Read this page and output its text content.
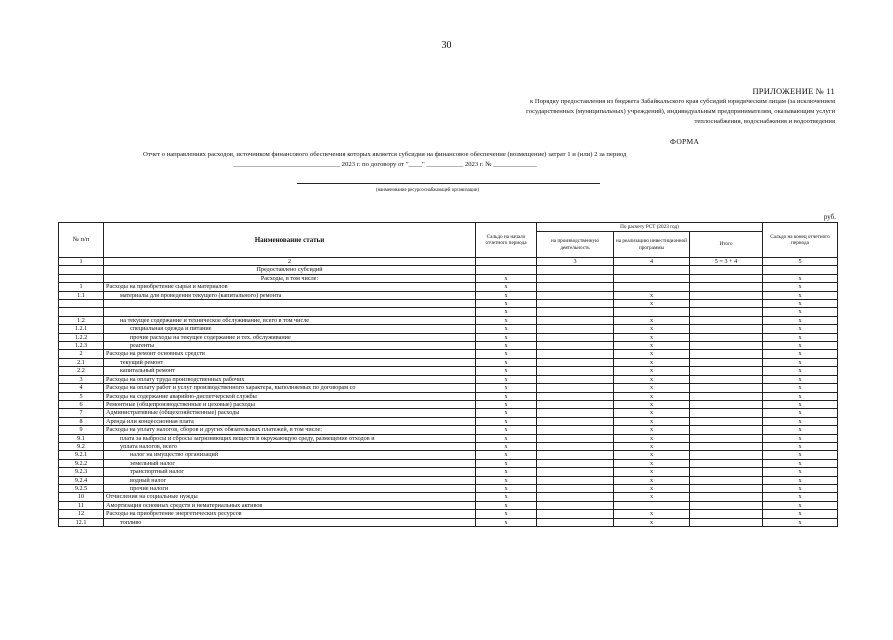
30
ПРИЛОЖЕНИЕ № 11
к Порядку предоставления из бюджета Забайкальского края субсидий юридическим лицам (за исключением
государственных (муниципальных) учреждений), индивидуальным предпринимателям, оказывающим услуги
теплоснабжения, водоснабжения и водоотведения
ФОРМА
Отчет о направлениях расходов, источником финансового обеспечения которых является субсидия на финансовое обеспечение (возмещение) затрат 1 и (или) 2 за период
________________________________ 2023 г. по договору от "____" ___________ 2023 г. № _____________
(наименование ресурсоснабжающей организации)
руб.
№ п/п	Наименование статьи	Сальдо на начало отчетного периода	По расчету РСТ (2023 год)			Сальдо на конец отчетного периода
			на производственную деятельность	на реализацию инвестиционной программы	Итого	
1	2		3	4	5 = 3 + 4	5
	Предоставлено субсидий					
	Расходы, в том числе:	x				x
1	Расходы на приобретение сырья и материалов	x				x
1.1	материалы для проведения текущего (капитального) ремонта	x		x		x
		x		x		x
		x				x
1.2	на текущее содержание и техническое обслуживание, всего в том числе	x		x		x
1.2.1	специальная одежда и питание	x		x		x
1.2.2	прочие расходы на текущее содержание и тех. обслуживание	x		x		x
1.2.3	реагенты	x		x		x
2	Расходы на ремонт основных средств	x		x		x
2.1	текущий ремонт	x		x		x
2.2	капитальный ремонт	x		x		x
3	Расходы на оплату труда производственных рабочих	x		x		x
4	Расходы на оплату работ и услуг производственного характера, выполняемых по договорам со	x		x		x
5	Расходы на содержание аварийно-диспетчерской службы	x		x		x
6	Ремонтные (общепроизводственные и цеховые) расходы	x		x		x
7	Административные (общехозяйственные) расходы	x		x		x
8	Аренда или концессионная плата	x		x		x
9	Расходы на уплату налогов, сборов и других обязательных платежей, в том числе:	x		x		x
9.1	плата за выбросы и сбросы загрязняющих веществ в окружающую среду, размещение отходов и	x		x		x
9.2	уплата налогов, всего	x		x		x
9.2.1	налог на имущество организаций	x		x		x
9.2.2	земельный налог	x		x		x
9.2.3	транспортный налог	x		x		x
9.2.4	водный налог	x		x		x
9.2.5	прочие налоги	x		x		x
10	Отчисления на социальные нужды	x		x		x
11	Амортизация основных средств и нематериальных активов	x				x
12	Расходы на приобретение энергетических ресурсов	x		x		x
12.1	топливо	x		x		x
